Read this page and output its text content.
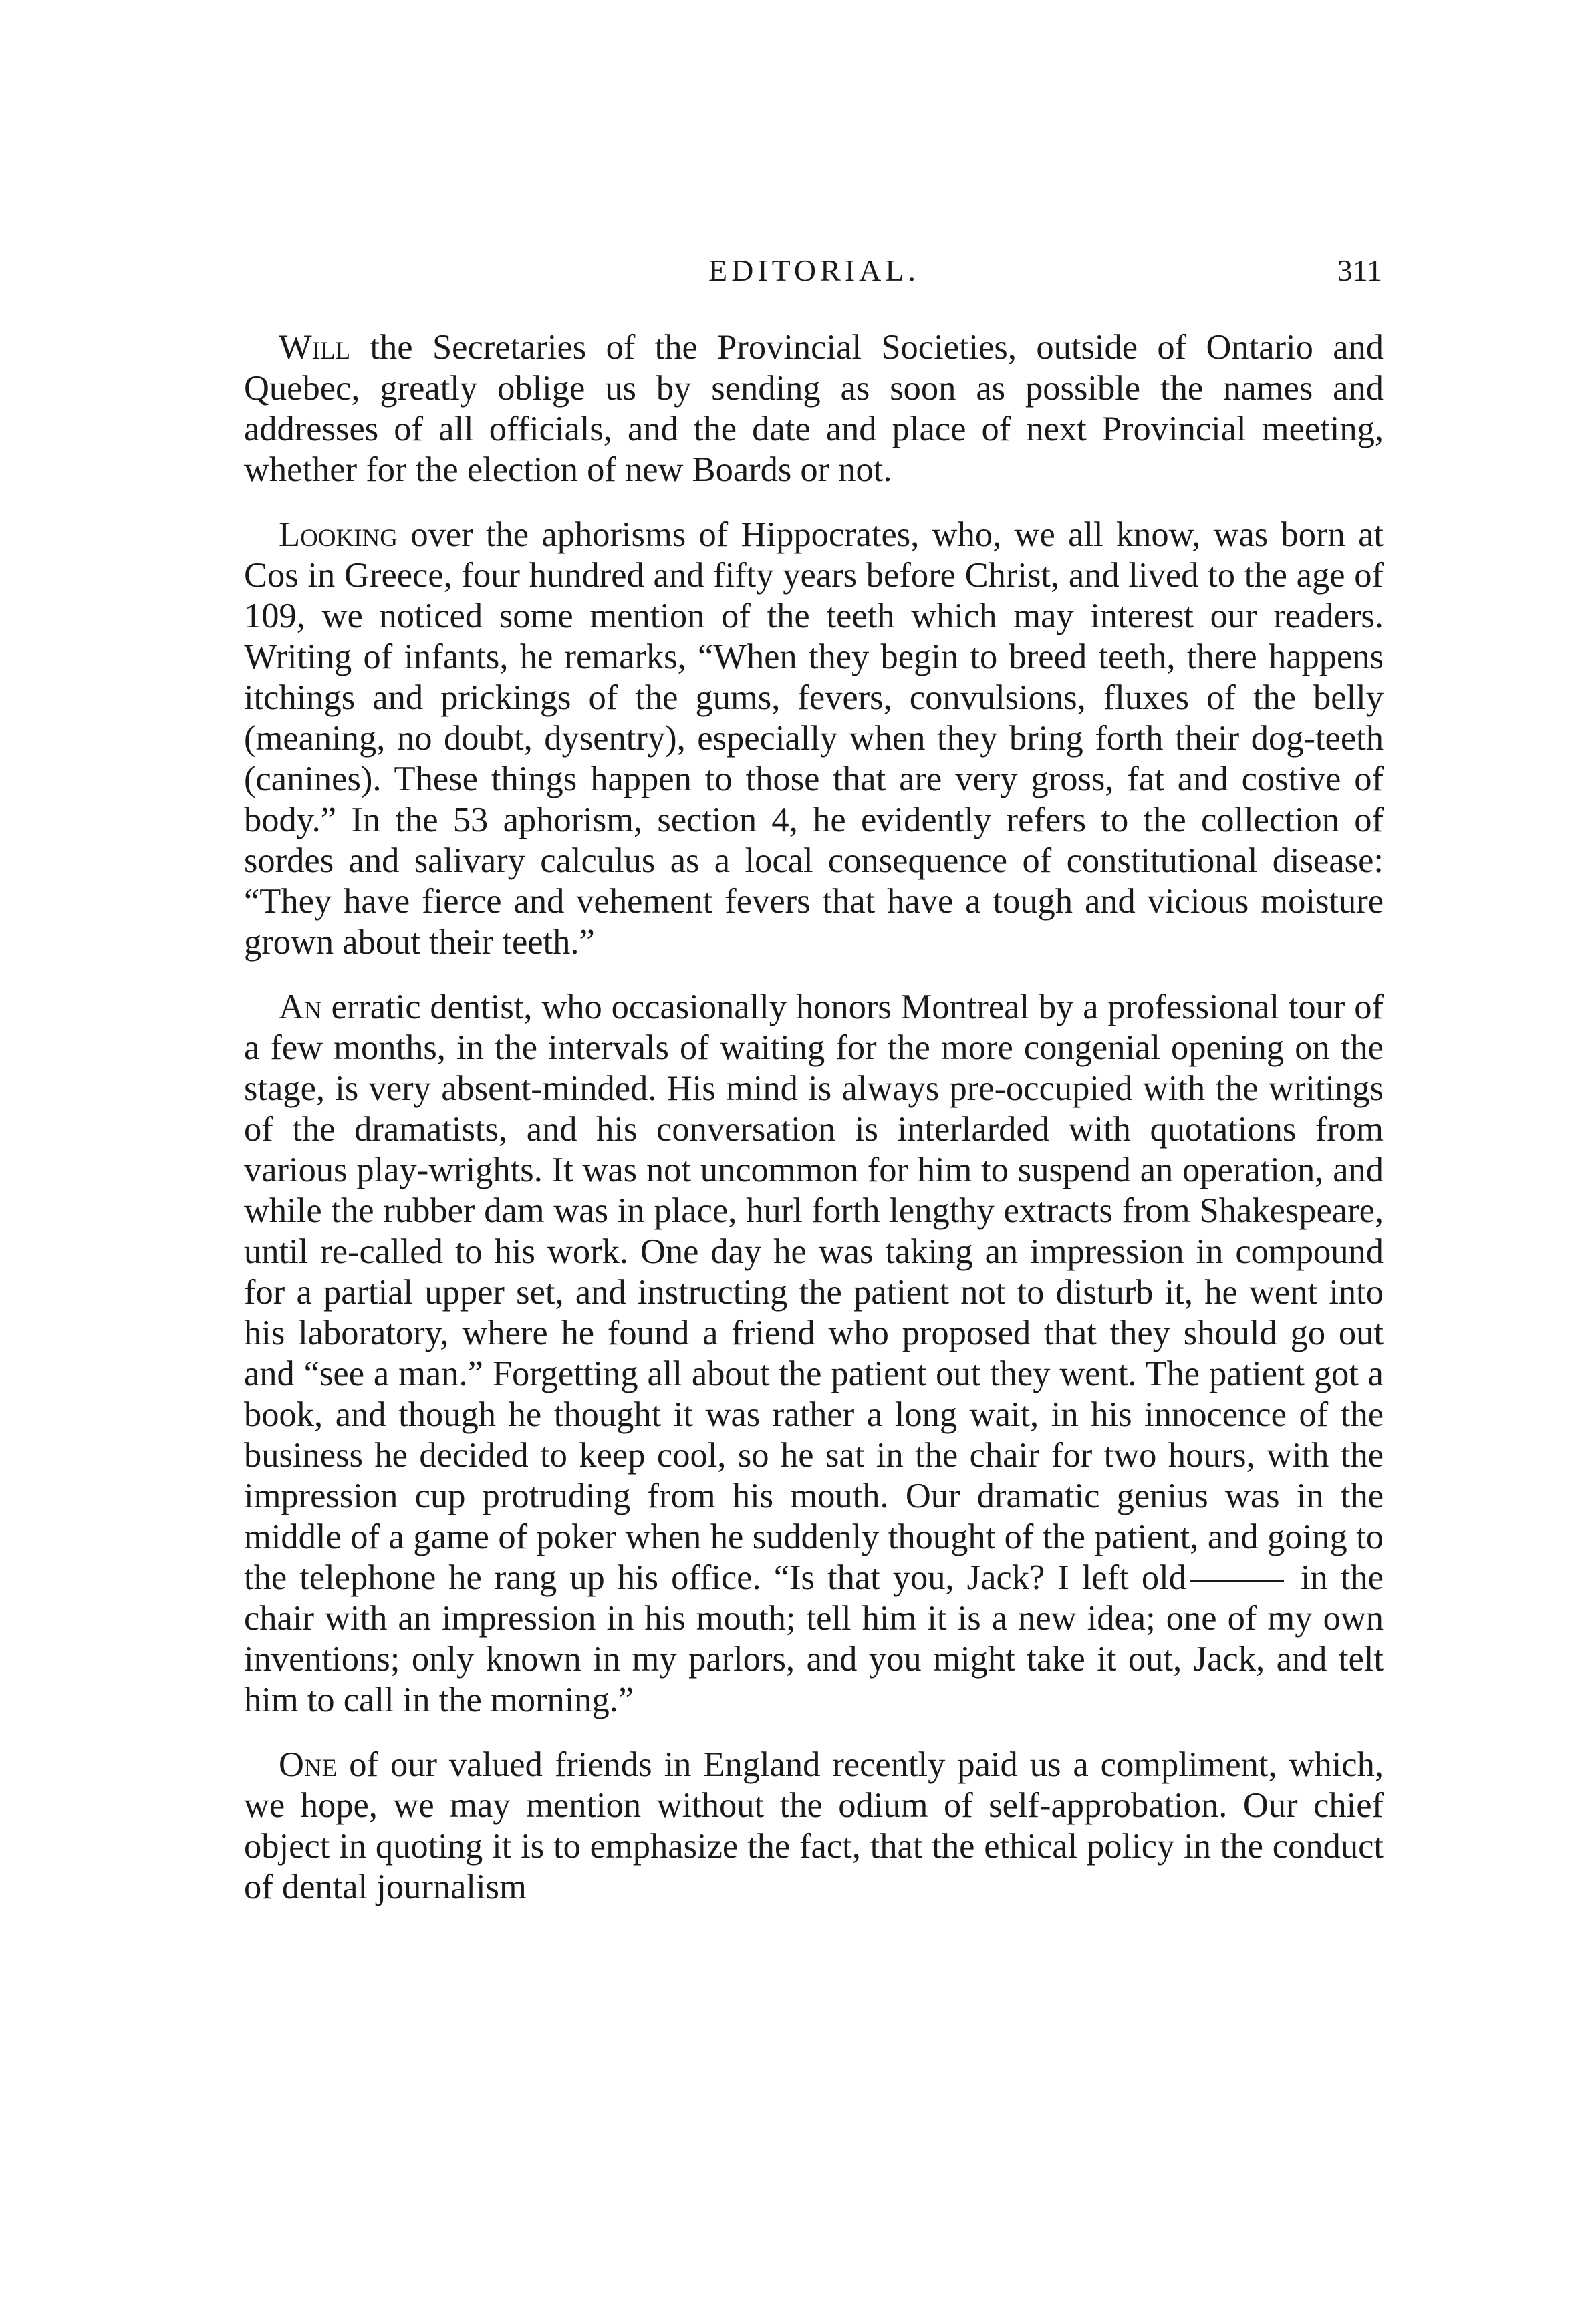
EDITORIAL.	311

Will the Secretaries of the Provincial Societies, outside of Ontario and Quebec, greatly oblige us by sending as soon as possible the names and addresses of all officials, and the date and place of next Provincial meeting, whether for the election of new Boards or not.

Looking over the aphorisms of Hippocrates, who, we all know, was born at Cos in Greece, four hundred and fifty years before Christ, and lived to the age of 109, we noticed some mention of the teeth which may interest our readers. Writing of infants, he remarks, “When they begin to breed teeth, there happens itchings and prickings of the gums, fevers, convulsions, fluxes of the belly (meaning, no doubt, dysentry), especially when they bring forth their dog-teeth (canines). These things happen to those that are very gross, fat and costive of body.” In the 53 aphorism, section 4, he evidently refers to the collection of sordes and salivary calculus as a local consequence of constitutional disease: “They have fierce and vehement fevers that have a tough and vicious moisture grown about their teeth.”

An erratic dentist, who occasionally honors Montreal by a professional tour of a few months, in the intervals of waiting for the more congenial opening on the stage, is very absent-minded. His mind is always pre-occupied with the writings of the dramatists, and his conversation is interlarded with quotations from various play-wrights. It was not uncommon for him to suspend an operation, and while the rubber dam was in place, hurl forth lengthy extracts from Shakespeare, until re-called to his work. One day he was taking an impression in compound for a partial upper set, and instructing the patient not to disturb it, he went into his laboratory, where he found a friend who proposed that they should go out and “see a man.” Forgetting all about the patient out they went. The patient got a book, and though he thought it was rather a long wait, in his innocence of the business he decided to keep cool, so he sat in the chair for two hours, with the impression cup protruding from his mouth. Our dramatic genius was in the middle of a game of poker when he suddenly thought of the patient, and going to the telephone he rang up his office. “Is that you, Jack? I left old	in the chair with an impression in his mouth; tell him it is a new idea; one of my own inventions; only known in my parlors, and you might take it out, Jack, and telt him to call in the morning.”

One of our valued friends in England recently paid us a compliment, which, we hope, we may mention without the odium of self-approbation. Our chief object in quoting it is to emphasize the fact, that the ethical policy in the conduct of dental journalism
